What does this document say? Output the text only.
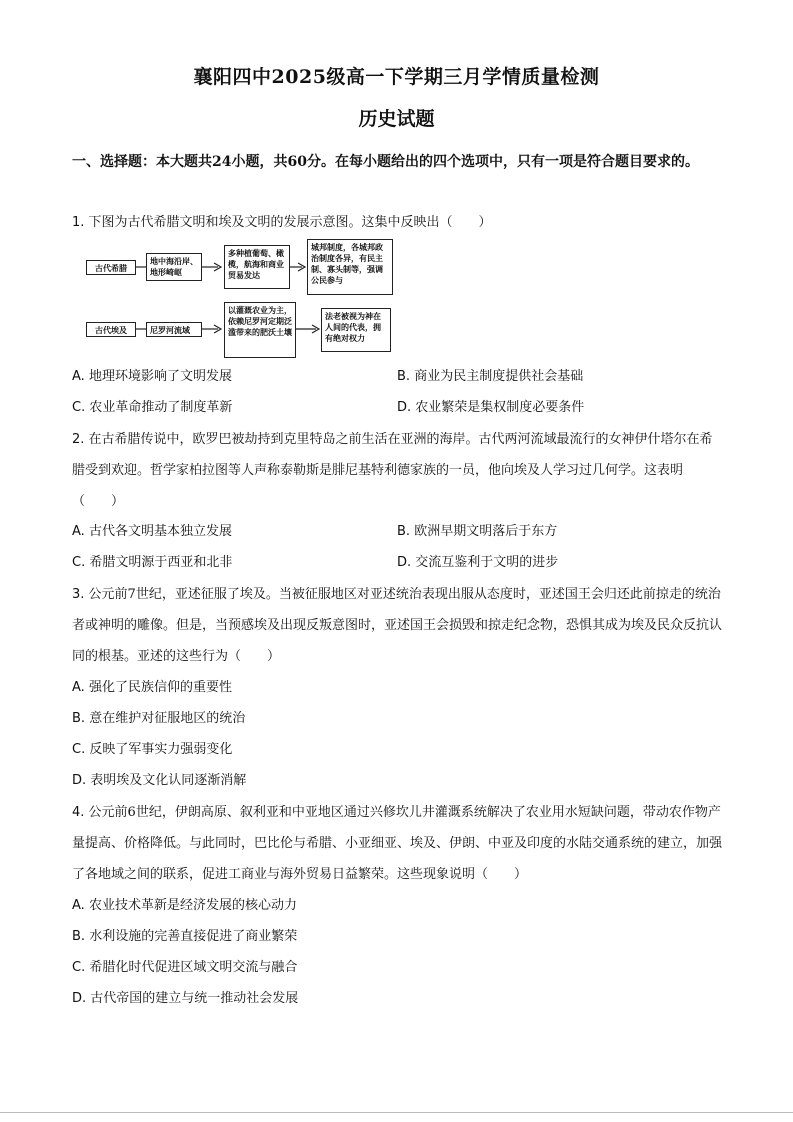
襄阳四中2025级高一下学期三月学情质量检测
历史试题
一、选择题：本大题共24小题，共60分。在每小题给出的四个选项中，只有一项是符合题目要求的。
1. 下图为古代希腊文明和埃及文明的发展示意图。这集中反映出（　　）
古代希腊
地中海沿岸、地形崎岖
多种植葡萄、橄榄，航海和商业贸易发达
城邦制度，各城邦政治制度各异，有民主制、寡头制等，强调公民参与
古代埃及	尼罗河流域
以灌溉农业为主，依赖尼罗河定期泛滥带来的肥沃土壤
法老被视为神在人间的代表，拥有绝对权力
A. 地理环境影响了文明发展	B. 商业为民主制度提供社会基础
C. 农业革命推动了制度革新	D. 农业繁荣是集权制度必要条件
2. 在古希腊传说中，欧罗巴被劫持到克里特岛之前生活在亚洲的海岸。古代两河流域最流行的女神伊什塔尔在希腊受到欢迎。哲学家柏拉图等人声称泰勒斯是腓尼基特利德家族的一员，他向埃及人学习过几何学。这表明（　　）
A. 古代各文明基本独立发展	B. 欧洲早期文明落后于东方
C. 希腊文明源于西亚和北非	D. 交流互鉴利于文明的进步
3. 公元前7世纪，亚述征服了埃及。当被征服地区对亚述统治表现出服从态度时，亚述国王会归还此前掠走的统治者或神明的雕像。但是，当预感埃及出现反叛意图时，亚述国王会损毁和掠走纪念物，恐惧其成为埃及民众反抗认同的根基。亚述的这些行为（　　）
A. 强化了民族信仰的重要性
B. 意在维护对征服地区的统治
C. 反映了军事实力强弱变化
D. 表明埃及文化认同逐渐消解
4. 公元前6世纪，伊朗高原、叙利亚和中亚地区通过兴修坎儿井灌溉系统解决了农业用水短缺问题，带动农作物产量提高、价格降低。与此同时，巴比伦与希腊、小亚细亚、埃及、伊朗、中亚及印度的水陆交通系统的建立，加强了各地域之间的联系，促进工商业与海外贸易日益繁荣。这些现象说明（　　）
A. 农业技术革新是经济发展的核心动力
B. 水利设施的完善直接促进了商业繁荣
C. 希腊化时代促进区域文明交流与融合
D. 古代帝国的建立与统一推动社会发展
